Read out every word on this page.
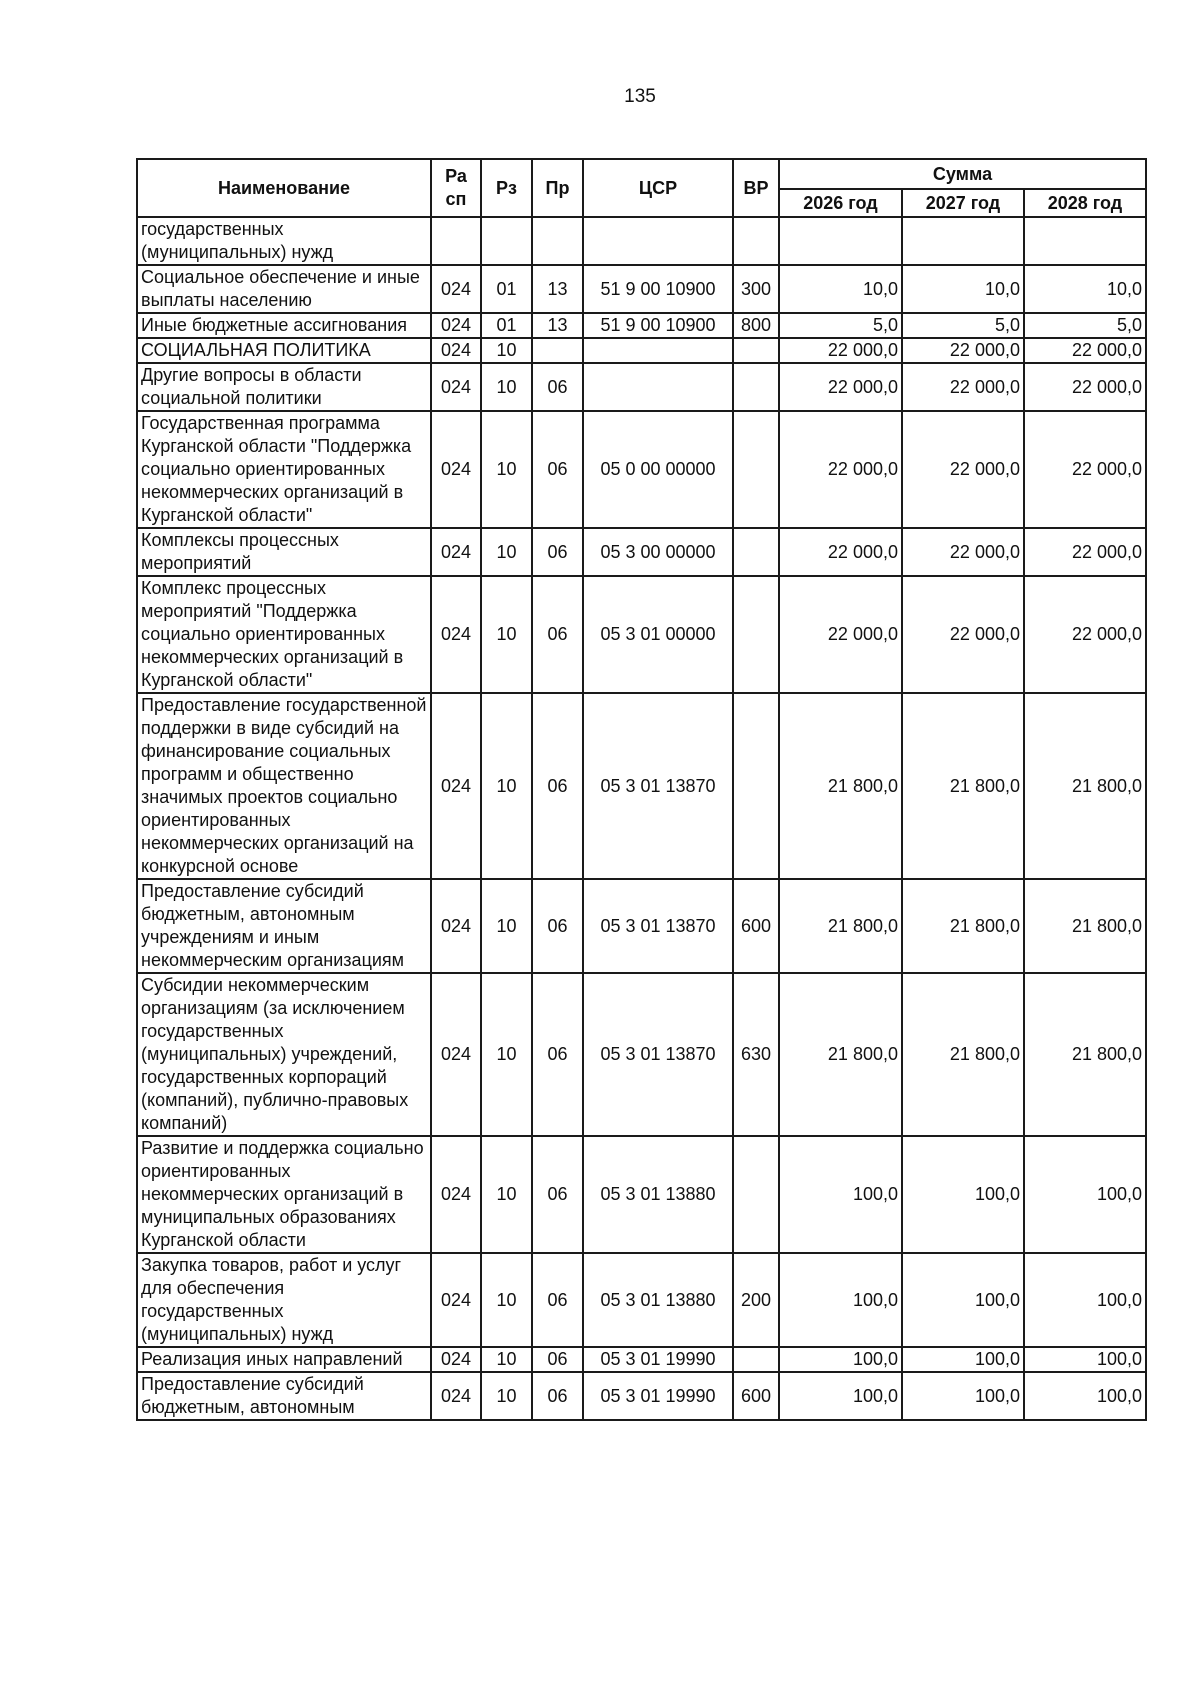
135
Наименование	Ра сп	Рз	Пр	ЦСР	ВР	Сумма		
						2026 год	2027 год	2028 год
государственных (муниципальных) нужд								
Социальное обеспечение и иные выплаты населению	024	01	13	51 9 00 10900	300	10,0	10,0	10,0
Иные бюджетные ассигнования	024	01	13	51 9 00 10900	800	5,0	5,0	5,0
СОЦИАЛЬНАЯ ПОЛИТИКА	024	10				22 000,0	22 000,0	22 000,0
Другие вопросы в области социальной политики	024	10	06			22 000,0	22 000,0	22 000,0
Государственная программа Курганской области "Поддержка социально ориентированных некоммерческих организаций в Курганской области"	024	10	06	05 0 00 00000		22 000,0	22 000,0	22 000,0
Комплексы процессных мероприятий	024	10	06	05 3 00 00000		22 000,0	22 000,0	22 000,0
Комплекс процессных мероприятий "Поддержка социально ориентированных некоммерческих организаций в Курганской области"	024	10	06	05 3 01 00000		22 000,0	22 000,0	22 000,0
Предоставление государственной поддержки в виде субсидий на финансирование социальных программ и общественно значимых проектов социально ориентированных некоммерческих организаций на конкурсной основе	024	10	06	05 3 01 13870		21 800,0	21 800,0	21 800,0
Предоставление субсидий бюджетным, автономным учреждениям и иным некоммерческим организациям	024	10	06	05 3 01 13870	600	21 800,0	21 800,0	21 800,0
Субсидии некоммерческим организациям (за исключением государственных (муниципальных) учреждений, государственных корпораций (компаний), публично-правовых компаний)	024	10	06	05 3 01 13870	630	21 800,0	21 800,0	21 800,0
Развитие и поддержка социально ориентированных некоммерческих организаций в муниципальных образованиях Курганской области	024	10	06	05 3 01 13880		100,0	100,0	100,0
Закупка товаров, работ и услуг для обеспечения государственных (муниципальных) нужд	024	10	06	05 3 01 13880	200	100,0	100,0	100,0
Реализация иных направлений	024	10	06	05 3 01 19990		100,0	100,0	100,0
Предоставление субсидий бюджетным, автономным	024	10	06	05 3 01 19990	600	100,0	100,0	100,0
